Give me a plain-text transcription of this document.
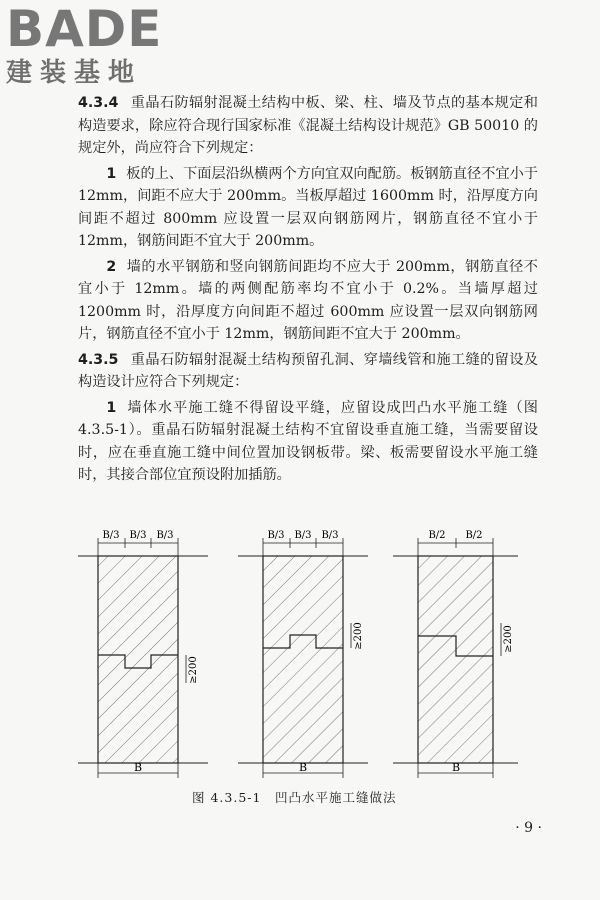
BADE
建装基地

4.3.4 重晶石防辐射混凝土结构中板、梁、柱、墙及节点的基本规定和构造要求，除应符合现行国家标准《混凝土结构设计规范》GB 50010 的规定外，尚应符合下列规定：

1 板的上、下面层沿纵横两个方向宜双向配筋。板钢筋直径不宜小于 12mm，间距不应大于 200mm。当板厚超过 1600mm 时，沿厚度方向间距不超过 800mm 应设置一层双向钢筋网片，钢筋直径不宜小于 12mm，钢筋间距不宜大于 200mm。

2 墙的水平钢筋和竖向钢筋间距均不应大于 200mm，钢筋直径不宜小于 12mm。墙的两侧配筋率均不宜小于 0.2%。当墙厚超过 1200mm 时，沿厚度方向间距不超过 600mm 应设置一层双向钢筋网片，钢筋直径不宜小于 12mm，钢筋间距不宜大于 200mm。

4.3.5 重晶石防辐射混凝土结构预留孔洞、穿墙线管和施工缝的留设及构造设计应符合下列规定：

1 墙体水平施工缝不得留设平缝，应留设成凹凸水平施工缝（图4.3.5-1）。重晶石防辐射混凝土结构不宜留设垂直施工缝，当需要留设时，应在垂直施工缝中间位置加设钢板带。梁、板需要留设水平施工缝时，其接合部位宜预设附加插筋。

B/3 B/3 B/3
≥200
B
B/3 B/3 B/3
≥200
B
B/2 B/2
≥200
B
图 4.3.5-1　凹凸水平施工缝做法
· 9 ·
